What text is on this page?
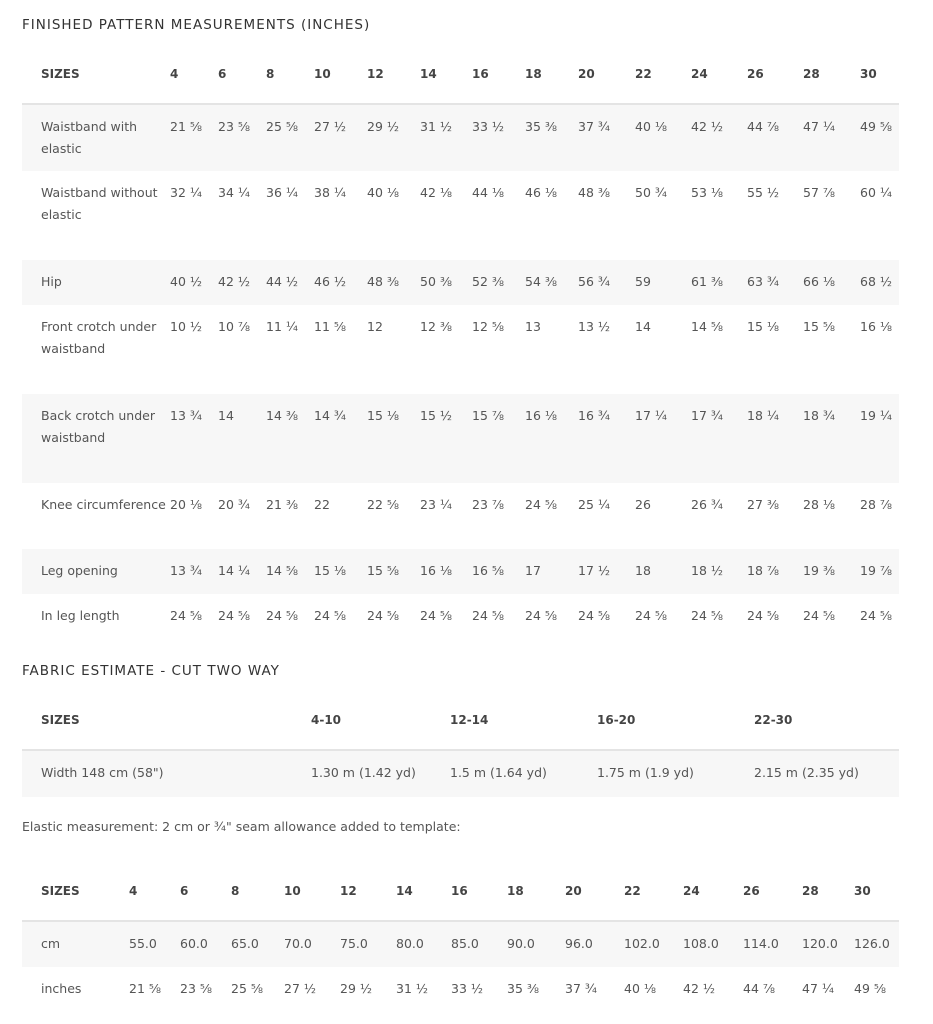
FINISHED PATTERN MEASUREMENTS (INCHES)
SIZES	4	6	8	10	12	14	16	18	20	22	24	26	28	30
Waistband with elastic	21 ⅝	23 ⅝	25 ⅝	27 ½	29 ½	31 ½	33 ½	35 ⅜	37 ¾	40 ⅛	42 ½	44 ⅞	47 ¼	49 ⅝
Waistband without elastic	32 ¼	34 ¼	36 ¼	38 ¼	40 ⅛	42 ⅛	44 ⅛	46 ⅛	48 ⅜	50 ¾	53 ⅛	55 ½	57 ⅞	60 ¼
Hip	40 ½	42 ½	44 ½	46 ½	48 ⅜	50 ⅜	52 ⅜	54 ⅜	56 ¾	59	61 ⅜	63 ¾	66 ⅛	68 ½
Front crotch under waistband	10 ½	10 ⅞	11 ¼	11 ⅝	12	12 ⅜	12 ⅝	13	13 ½	14	14 ⅝	15 ⅛	15 ⅝	16 ⅛
Back crotch under waistband	13 ¾	14	14 ⅜	14 ¾	15 ⅛	15 ½	15 ⅞	16 ⅛	16 ¾	17 ¼	17 ¾	18 ¼	18 ¾	19 ¼
Knee circumference	20 ⅛	20 ¾	21 ⅜	22	22 ⅝	23 ¼	23 ⅞	24 ⅝	25 ¼	26	26 ¾	27 ⅜	28 ⅛	28 ⅞
Leg opening	13 ¾	14 ¼	14 ⅝	15 ⅛	15 ⅝	16 ⅛	16 ⅝	17	17 ½	18	18 ½	18 ⅞	19 ⅜	19 ⅞
In leg length	24 ⅝	24 ⅝	24 ⅝	24 ⅝	24 ⅝	24 ⅝	24 ⅝	24 ⅝	24 ⅝	24 ⅝	24 ⅝	24 ⅝	24 ⅝	24 ⅝
FABRIC ESTIMATE - CUT TWO WAY
SIZES	4-10	12-14	16-20	22-30
Width 148 cm (58")	1.30 m (1.42 yd)	1.5 m (1.64 yd)	1.75 m (1.9 yd)	2.15 m (2.35 yd)

Elastic measurement: 2 cm or ¾" seam allowance added to template:

SIZES	4	6	8	10	12	14	16	18	20	22	24	26	28	30
cm	55.0	60.0	65.0	70.0	75.0	80.0	85.0	90.0	96.0	102.0	108.0	114.0	120.0	126.0
inches	21 ⅝	23 ⅝	25 ⅝	27 ½	29 ½	31 ½	33 ½	35 ⅜	37 ¾	40 ⅛	42 ½	44 ⅞	47 ¼	49 ⅝
